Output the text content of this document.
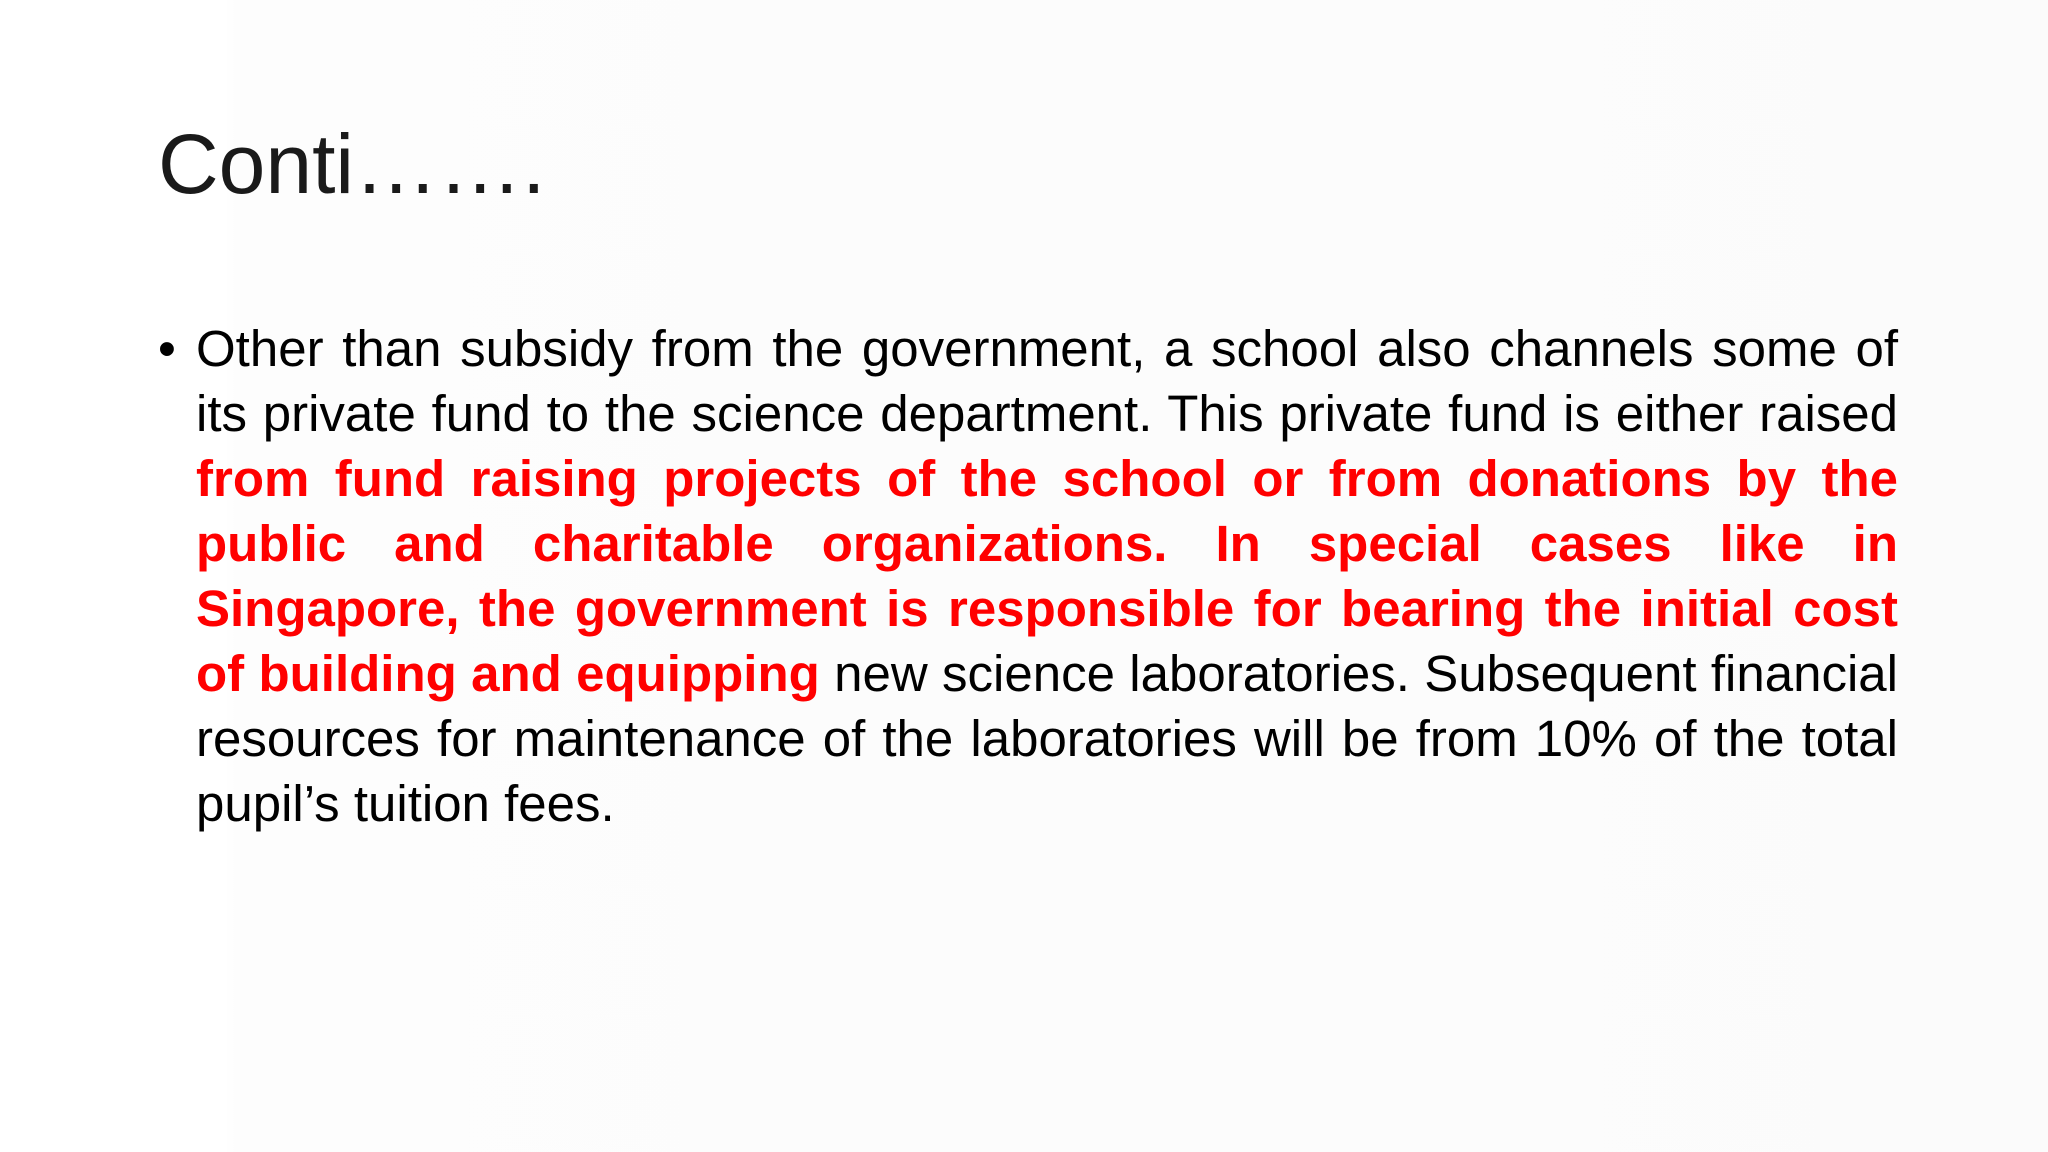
Conti…….
• Other than subsidy from the government, a school also channels some of its private fund to the science department. This private fund is either raised from fund raising projects of the school or from donations by the public and charitable organizations. In special cases like in Singapore, the government is responsible for bearing the initial cost of building and equipping new science laboratories. Subsequent financial resources for maintenance of the laboratories will be from 10% of the total pupil’s tuition fees.
